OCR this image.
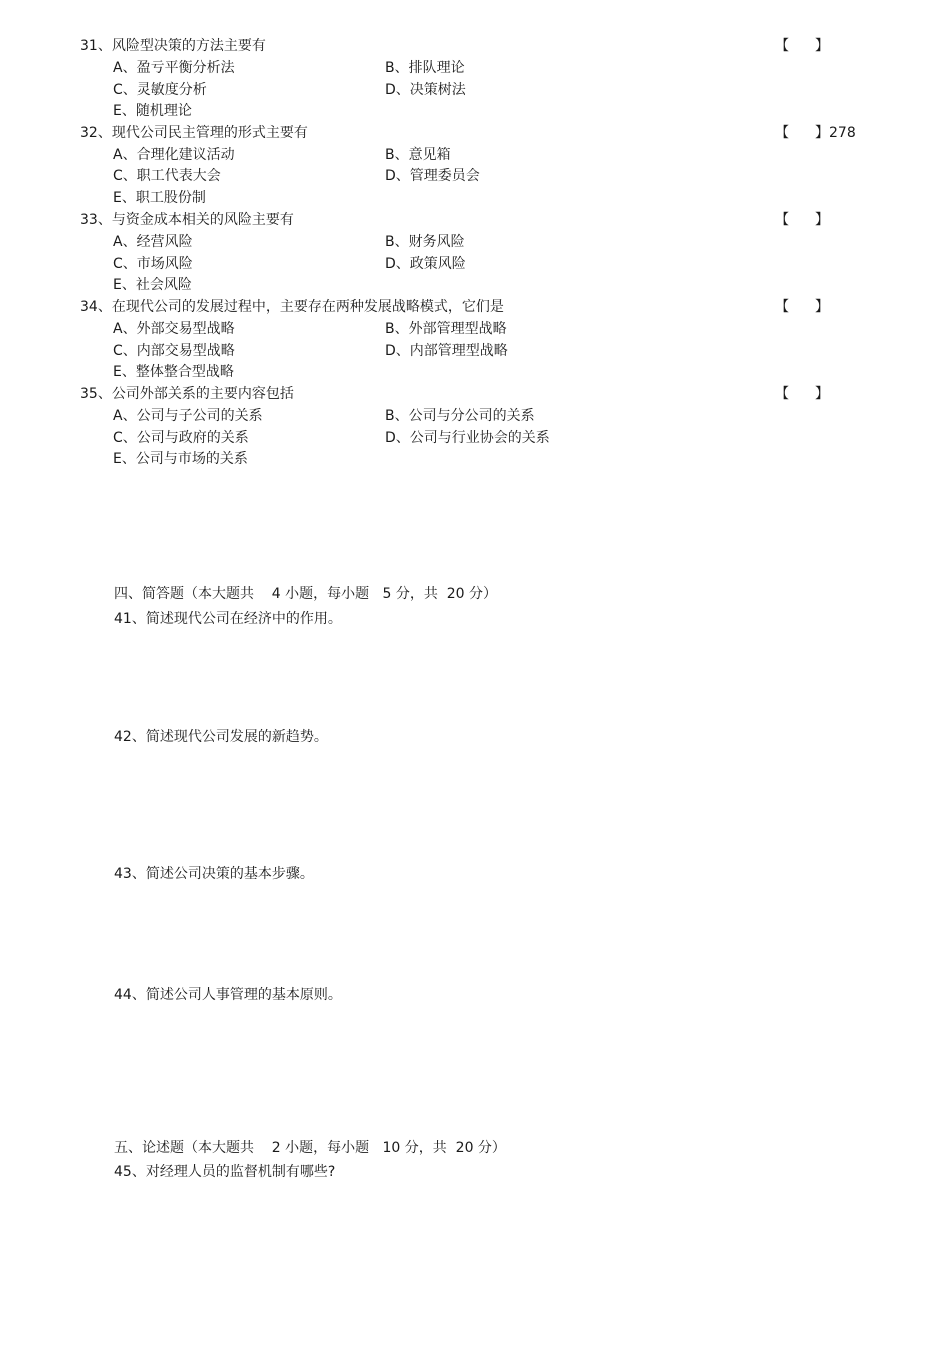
31、风险型决策的方法主要有	【 】
A、盈亏平衡分析法	B、排队理论
C、灵敏度分析	D、决策树法
E、随机理论
32、现代公司民主管理的形式主要有	【 】278
A、合理化建议活动	B、意见箱
C、职工代表大会	D、管理委员会
E、职工股份制
33、与资金成本相关的风险主要有	【 】
A、经营风险	B、财务风险
C、市场风险	D、政策风险
E、社会风险
34、在现代公司的发展过程中，主要存在两种发展战略模式，它们是	【 】
A、外部交易型战略	B、外部管理型战略
C、内部交易型战略	D、内部管理型战略
E、整体整合型战略
35、公司外部关系的主要内容包括	【 】
A、公司与子公司的关系	B、公司与分公司的关系
C、公司与政府的关系	D、公司与行业协会的关系
E、公司与市场的关系
四、简答题（本大题共    4 小题，每小题   5 分，共  20 分）
41、简述现代公司在经济中的作用。
42、简述现代公司发展的新趋势。
43、简述公司决策的基本步骤。
44、简述公司人事管理的基本原则。
五、论述题（本大题共    2 小题，每小题   10 分，共  20 分）
45、对经理人员的监督机制有哪些?
